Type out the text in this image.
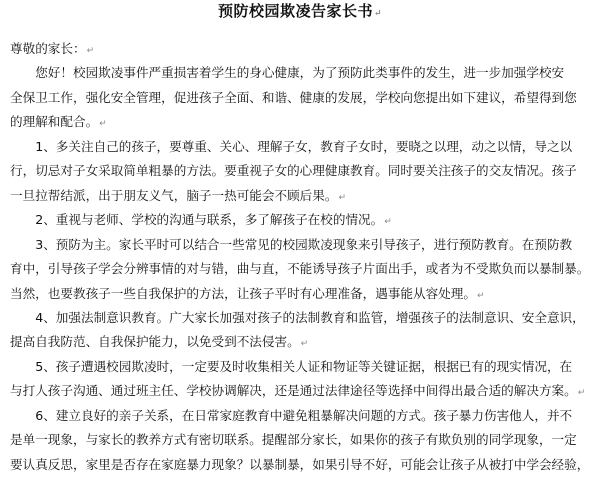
预防校园欺凌告家长书↵
尊敬的家长：↵
　　您好！校园欺凌事件严重损害着学生的身心健康，为了预防此类事件的发生，进一步加强学校安
全保卫工作，强化安全管理，促进孩子全面、和谐、健康的发展，学校向您提出如下建议，希望得到您
的理解和配合。↵
　　1、多关注自己的孩子，要尊重、关心、理解子女，教育子女时，要晓之以理，动之以情，导之以
行，切忌对子女采取简单粗暴的方法。要重视子女的心理健康教育。同时要关注孩子的交友情况。孩子
一旦拉帮结派，出于朋友义气，脑子一热可能会不顾后果。↵
　　2、重视与老师、学校的沟通与联系，多了解孩子在校的情况。↵
　　3、预防为主。家长平时可以结合一些常见的校园欺凌现象来引导孩子，进行预防教育。在预防教
育中，引导孩子学会分辨事情的对与错，曲与直，不能诱导孩子片面出手，或者为不受欺负而以暴制暴。
当然，也要教孩子一些自我保护的方法，让孩子平时有心理准备，遇事能从容处理。↵
　　4、加强法制意识教育。广大家长加强对孩子的法制教育和监管，增强孩子的法制意识、安全意识，
提高自我防范、自我保护能力，以免受到不法侵害。↵
　　5、孩子遭遇校园欺凌时，一定要及时收集相关人证和物证等关键证据，根据已有的现实情况，在
与打人孩子沟通、通过班主任、学校协调解决，还是通过法律途径等选择中间得出最合适的解决方案。↵
　　6、建立良好的亲子关系，在日常家庭教育中避免粗暴解决问题的方式。孩子暴力伤害他人，并不
是单一现象，与家长的教养方式有密切联系。提醒部分家长，如果你的孩子有欺负别的同学现象，一定
要认真反思，家里是否存在家庭暴力现象？以暴制暴，如果引导不好，可能会让孩子从被打中学会经验，
